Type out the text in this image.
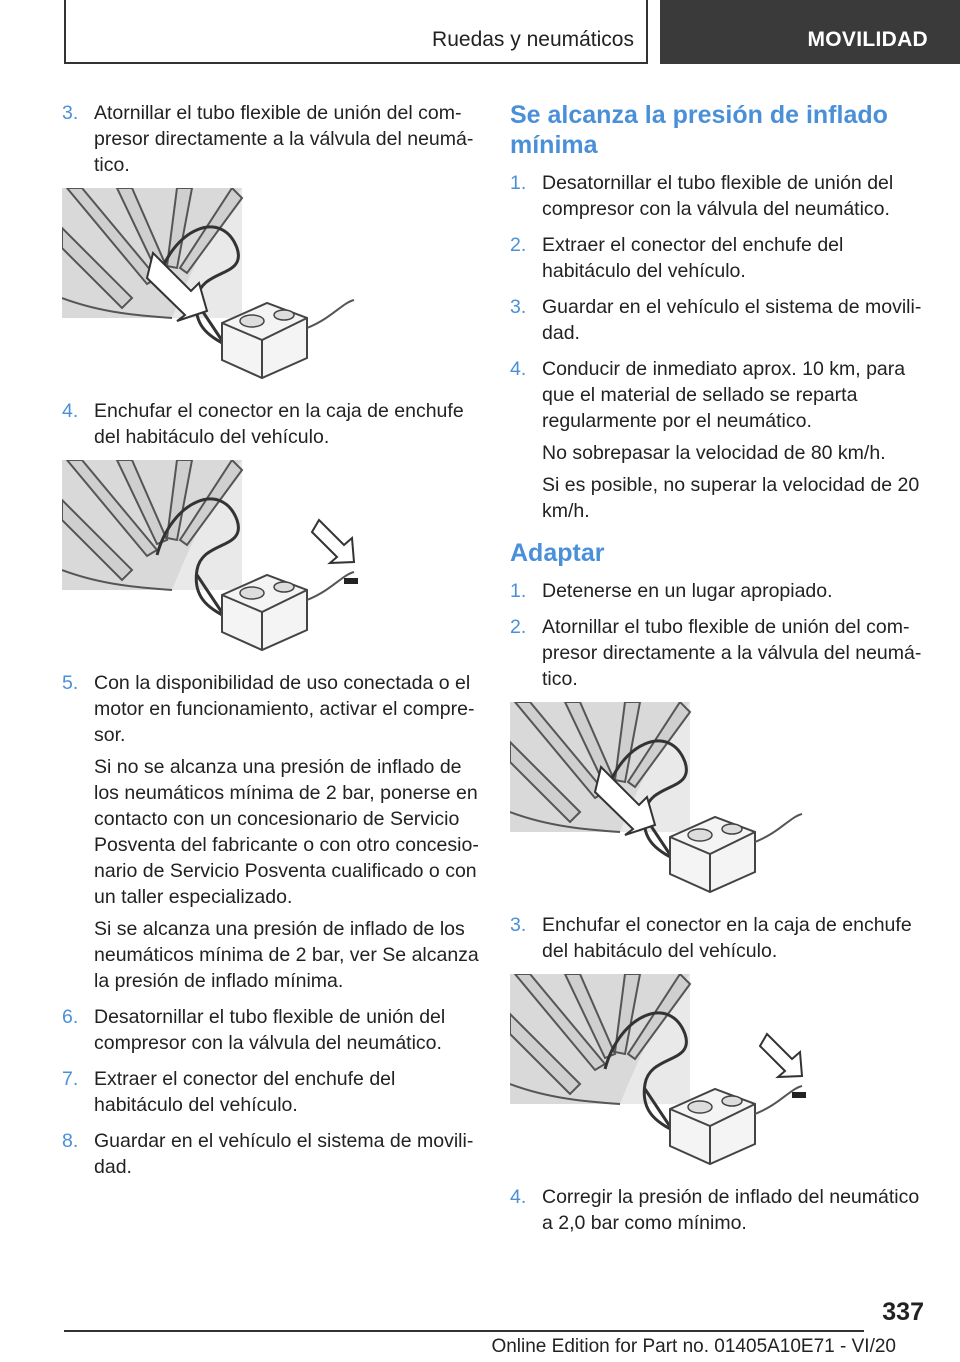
Ruedas y neumáticos	MOVILIDAD
3. Atornillar el tubo flexible de unión del compresor directamente a la válvula del neumático.

4. Enchufar el conector en la caja de enchufe del habitáculo del vehículo.

5. Con la disponibilidad de uso conectada o el motor en funcionamiento, activar el compresor.

Si no se alcanza una presión de inflado de los neumáticos mínima de 2 bar, ponerse en contacto con un concesionario de Servicio Posventa del fabricante o con otro concesionario de Servicio Posventa cualificado o con un taller especializado.

Si se alcanza una presión de inflado de los neumáticos mínima de 2 bar, ver Se alcanza la presión de inflado mínima.

6. Desatornillar el tubo flexible de unión del compresor con la válvula del neumático.

7. Extraer el conector del enchufe del habitáculo del vehículo.

8. Guardar en el vehículo el sistema de movilidad.

Se alcanza la presión de inflado mínima
1. Desatornillar el tubo flexible de unión del compresor con la válvula del neumático.

2. Extraer el conector del enchufe del habitáculo del vehículo.

3. Guardar en el vehículo el sistema de movilidad.

4. Conducir de inmediato aprox. 10 km, para que el material de sellado se reparta regularmente por el neumático.

No sobrepasar la velocidad de 80 km/h.

Si es posible, no superar la velocidad de 20 km/h.

Adaptar
1. Detenerse en un lugar apropiado.

2. Atornillar el tubo flexible de unión del compresor directamente a la válvula del neumático.

3. Enchufar el conector en la caja de enchufe del habitáculo del vehículo.

4. Corregir la presión de inflado del neumático a 2,0 bar como mínimo.

337
Online Edition for Part no. 01405A10E71 - VI/20
